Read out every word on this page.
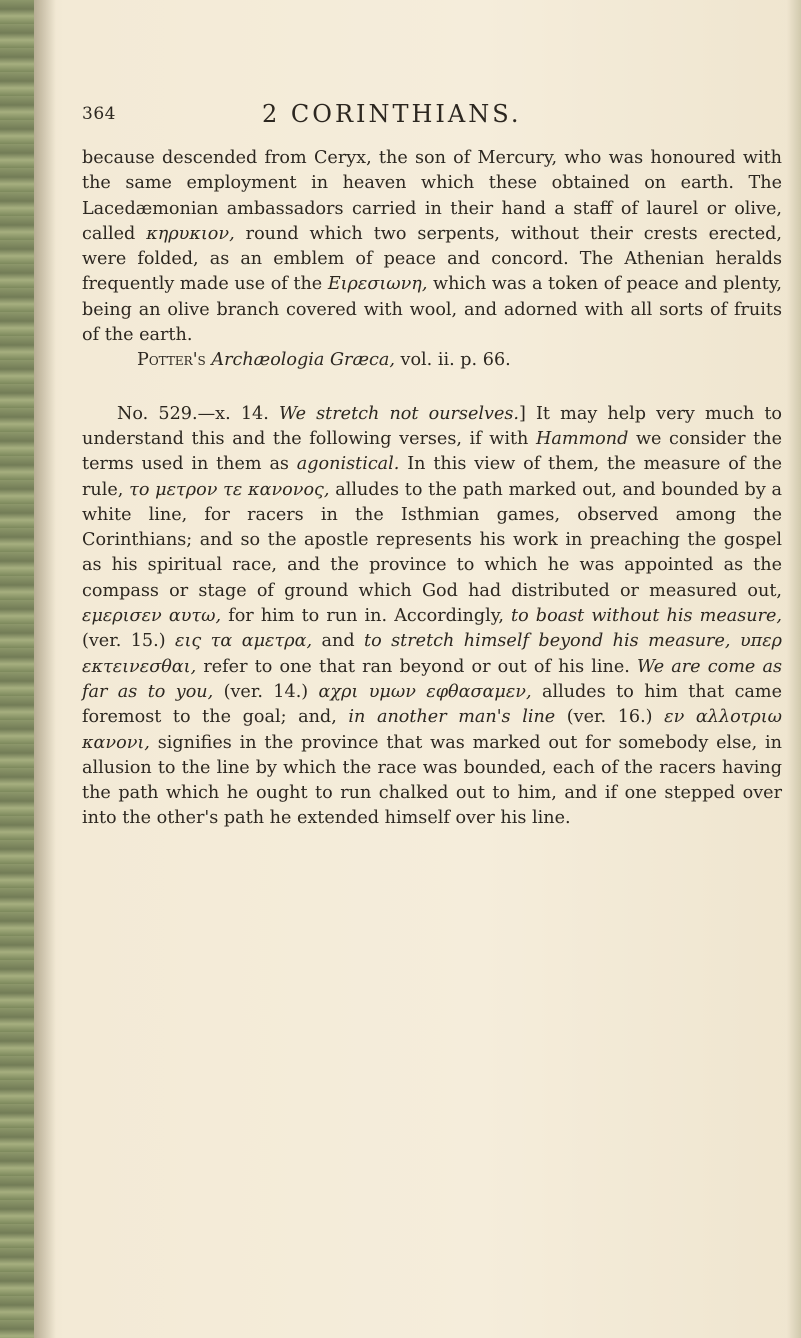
364	2 CORINTHIANS.

because descended from Ceryx, the son of Mercury, who was honoured with the same employment in heaven which these obtained on earth. The Lacedæmonian ambassadors carried in their hand a staff of laurel or olive, called κηρυκιον, round which two serpents, without their crests erected, were folded, as an emblem of peace and concord. The Athenian heralds frequently made use of the Ειρεσιωνη, which was a token of peace and plenty, being an olive branch covered with wool, and adorned with all sorts of fruits of the earth.

Potter's Archæologia Græca, vol. ii. p. 66.

No. 529.—x. 14. We stretch not ourselves.] It may help very much to understand this and the following verses, if with Hammond we consider the terms used in them as agonistical. In this view of them, the measure of the rule, το μετρον τε κανονος, alludes to the path marked out, and bounded by a white line, for racers in the Isthmian games, observed among the Corinthians; and so the apostle represents his work in preaching the gospel as his spiritual race, and the province to which he was appointed as the compass or stage of ground which God had distributed or measured out, εμερισεν αυτω, for him to run in. Accordingly, to boast without his measure, (ver. 15.) εις τα αμετρα, and to stretch himself beyond his measure, υπερ εκτεινεσθαι, refer to one that ran beyond or out of his line. We are come as far as to you, (ver. 14.) αχρι υμων εφθασαμεν, alludes to him that came foremost to the goal; and, in another man's line (ver. 16.) εν αλλοτριω κανονι, signifies in the province that was marked out for somebody else, in allusion to the line by which the race was bounded, each of the racers having the path which he ought to run chalked out to him, and if one stepped over into the other's path he extended himself over his line.
